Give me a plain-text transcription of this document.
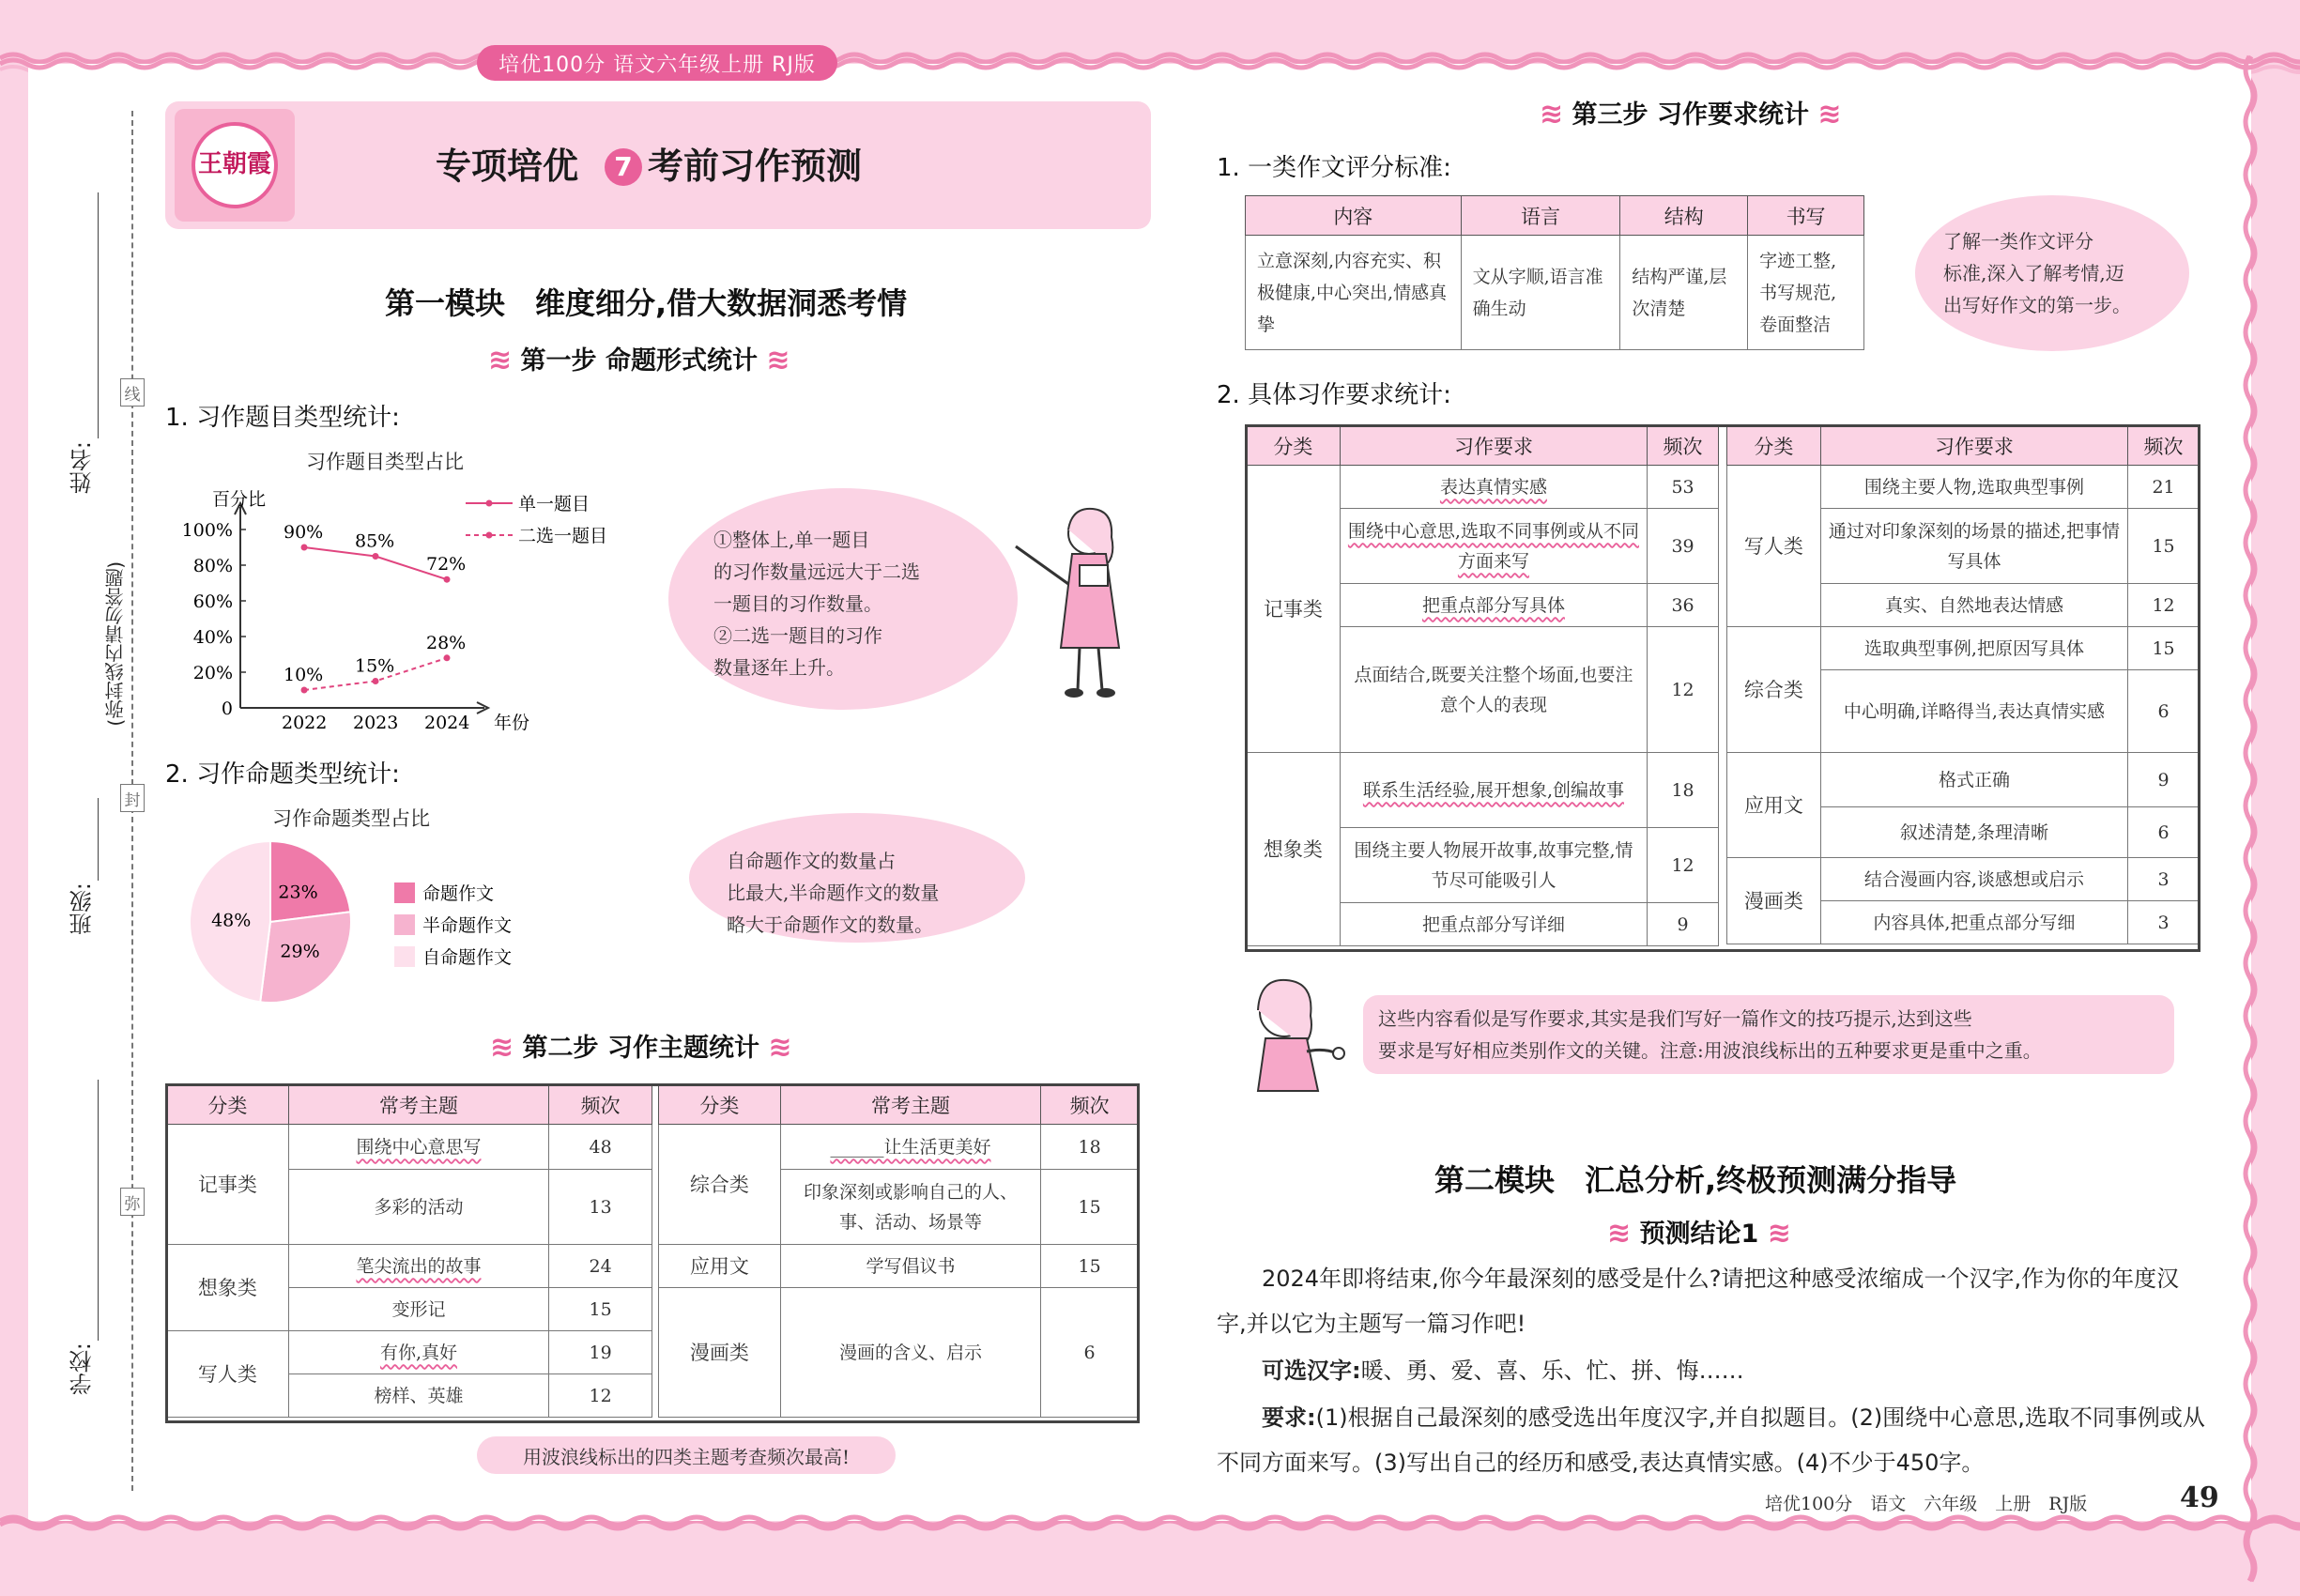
培优100分 语文六年级上册 RJ版
姓名:
班级:
学校:
(弥封线内请勿答题)
线
封
弥
王朝霞	专项培优 7 考前习作预测
第一模块　维度细分,借大数据洞悉考情
≋ 第一步 命题形式统计 ≋
1. 习作题目类型统计:
习作题目类型占比
百分比
年份
0
20%
40%
60%
80%
100%
2022 2023 2024
90% 85%
72%
单一题目
10% 15%
28%
二选一题目	①整体上,单一题目
的习作数量远远大于二选
一题目的习作数量。
②二选一题目的习作
数量逐年上升。
2. 习作命题类型统计:
习作命题类型占比
23%	命题作文
29%
半命题作文
48%
自命题作文
自命题作文的数量占
比最大,半命题作文的数量
略大于命题作文的数量。
≋ 第二步 习作主题统计 ≋
分类	常考主题	频次
记事类	围绕中心意思写	48
	多彩的活动	13
想象类	笔尖流出的故事	24
	变形记	15
写人类	有你,真好	19
	榜样、英雄	12
分类	常考主题	频次
综合类	______让生活更美好	18
	印象深刻或影响自己的人、事、活动、场景等	15
应用文	学写倡议书	15
漫画类	漫画的含义、启示	6
用波浪线标出的四类主题考查频次最高!
≋ 第三步 习作要求统计 ≋
1. 一类作文评分标准:
内容	语言	结构	书写
立意深刻,内容充实、积极健康,中心突出,情感真挚	文从字顺,语言准确生动	结构严谨,层次清楚	字迹工整,书写规范,卷面整洁
了解一类作文评分
标准,深入了解考情,迈
出写好作文的第一步。
2. 具体习作要求统计:
分类	习作要求	频次
记事类	表达真情实感	53
	围绕中心意思,选取不同事例或从不同方面来写	39
	把重点部分写具体	36
	点面结合,既要关注整个场面,也要注意个人的表现	12
想象类	联系生活经验,展开想象,创编故事	18
	围绕主要人物展开故事,故事完整,情节尽可能吸引人	12
	把重点部分写详细	9
分类	习作要求	频次
写人类	围绕主要人物,选取典型事例	21
	通过对印象深刻的场景的描述,把事情写具体	15
	真实、自然地表达情感	12
综合类	选取典型事例,把原因写具体	15
	中心明确,详略得当,表达真情实感	6
应用文	格式正确	9
	叙述清楚,条理清晰	6
漫画类	结合漫画内容,谈感想或启示	3
	内容具体,把重点部分写细	3
这些内容看似是写作要求,其实是我们写好一篇作文的技巧提示,达到这些
要求是写好相应类别作文的关键。注意:用波浪线标出的五种要求更是重中之重。
第二模块　汇总分析,终极预测满分指导
≋ 预测结论1 ≋
2024年即将结束,你今年最深刻的感受是什么?请把这种感受浓缩成一个汉字,作为你的年度汉字,并以它为主题写一篇习作吧!
可选汉字:暖、勇、爱、喜、乐、忙、拼、悔……
要求:(1)根据自己最深刻的感受选出年度汉字,并自拟题目。(2)围绕中心意思,选取不同事例或从不同方面来写。(3)写出自己的经历和感受,表达真情实感。(4)不少于450字。
培优100分　语文　六年级　上册　RJ版	49
